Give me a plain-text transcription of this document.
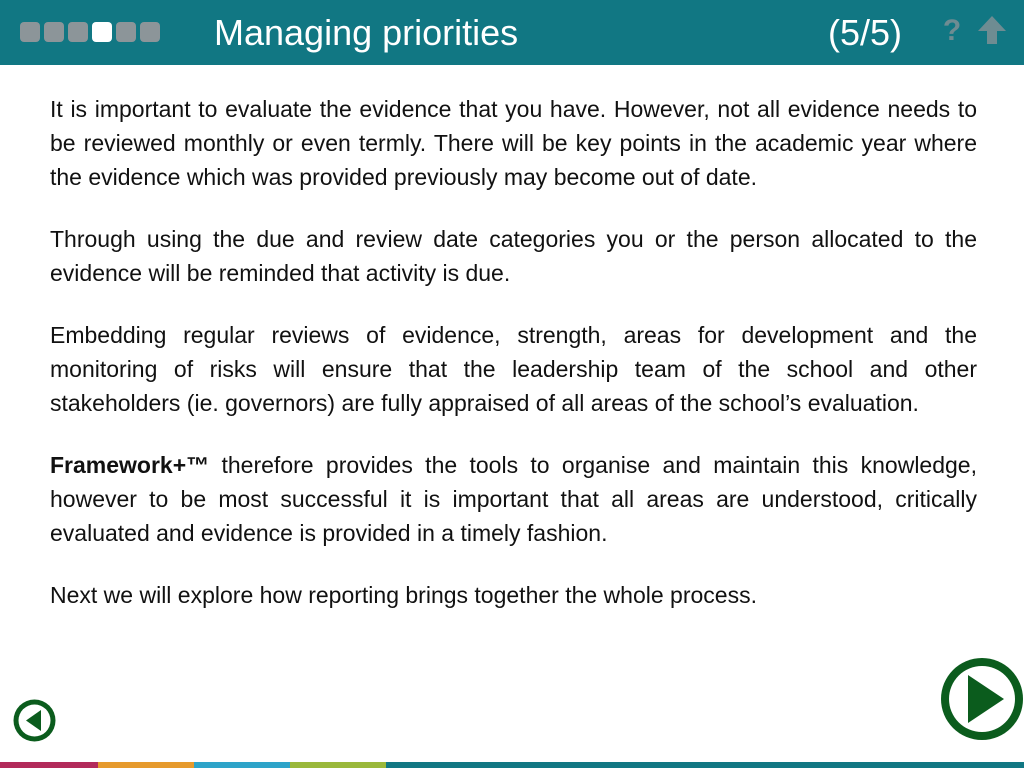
Managing priorities	(5/5) ?

It is important to evaluate the evidence that you have. However, not all evidence needs to be reviewed monthly or even termly. There will be key points in the academic year where the evidence which was provided previously may become out of date.

Through using the due and review date categories you or the person allocated to the evidence will be reminded that activity is due.

Embedding regular reviews of evidence, strength, areas for development and the monitoring of risks will ensure that the leadership team of the school and other stakeholders (ie. governors) are fully appraised of all areas of the school’s evaluation.

Framework+™ therefore provides the tools to organise and maintain this knowledge, however to be most successful it is important that all areas are understood, critically evaluated and evidence is provided in a timely fashion.

Next we will explore how reporting brings together the whole process.
